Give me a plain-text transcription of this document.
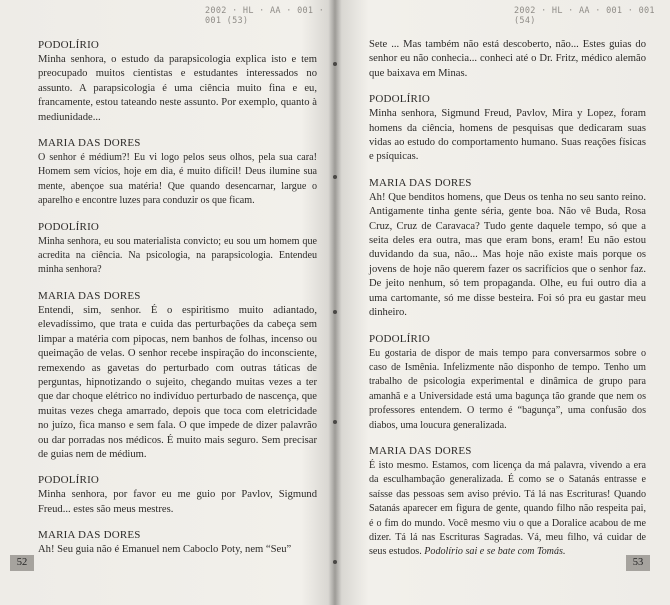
2002 · HL · AA · 001 · 001 (53)
PODOLÍRIO

Minha senhora, o estudo da parapsicologia explica isto e tem preocupado muitos cientistas e estudantes interessados no assunto. A parapsicologia é uma ciência muito fina e eu, francamente, estou tateando neste assunto. Por exemplo, quanto à mediunidade...

MARIA DAS DORES

O senhor é médium?! Eu vi logo pelos seus olhos, pela sua cara! Homem sem vícios, hoje em dia, é muito difícil! Deus ilumine sua mente, abençoe sua matéria! Que quando desencarnar, largue o aparelho e encontre luzes para conduzir os que ficam.

PODOLÍRIO

Minha senhora, eu sou materialista convicto; eu sou um homem que acredita na ciência. Na psicologia, na parapsicologia. Entendeu minha senhora?

MARIA DAS DORES

Entendi, sim, senhor. É o espiritismo muito adiantado, elevadíssimo, que trata e cuida das perturbações da cabeça sem limpar a matéria com pipocas, nem banhos de folhas, incenso ou queimação de velas. O senhor recebe inspiração do inconsciente, remexendo as gavetas do perturbado com outras táticas de perguntas, hipnotizando o sujeito, chegando muitas vezes a ter que dar choque elétrico no indivíduo perturbado de nascença, que muitas vezes chega amarrado, depois que toca com eletricidade no juízo, fica manso e sem fala. O que impede de dizer palavrão ou dar porradas nos médicos. É muito mais seguro. Sem precisar de guias nem de médium.

PODOLÍRIO

Minha senhora, por favor eu me guio por Pavlov, Sigmund Freud... estes são meus mestres.

MARIA DAS DORES

Ah! Seu guia não é Emanuel nem Caboclo Poty, nem “Seu”

52
2002 · HL · AA · 001 · 001 (54)

Sete ... Mas também não está descoberto, não... Estes guias do senhor eu não conhecia... conheci até o Dr. Fritz, médico alemão que baixava em Minas.

PODOLÍRIO

Minha senhora, Sigmund Freud, Pavlov, Mira y Lopez, foram homens da ciência, homens de pesquisas que dedicaram suas vidas ao estudo do comportamento humano. Suas reações físicas e psíquicas.

MARIA DAS DORES

Ah! Que benditos homens, que Deus os tenha no seu santo reino. Antigamente tinha gente séria, gente boa. Não vê Buda, Rosa Cruz, Cruz de Caravaca? Tudo gente daquele tempo, só que a seita deles era outra, mas que eram bons, eram! Eu não estou duvidando da sua, não... Mas hoje não existe mais porque os jovens de hoje não querem fazer os sacrifícios que o senhor faz. De jeito nenhum, só tem propaganda. Olhe, eu fui outro dia a uma cartomante, só me disse besteira. Foi só pra eu gastar meu dinheiro.

PODOLÍRIO

Eu gostaria de dispor de mais tempo para conversarmos sobre o caso de Ismênia. Infelizmente não disponho de tempo. Tenho um trabalho de psicologia experimental e dinâmica de grupo para amanhã e a Universidade está uma bagunça tão grande que nem os professores entendem. O termo é “bagunça”, uma confusão dos diabos, uma loucura generalizada.

MARIA DAS DORES

É isto mesmo. Estamos, com licença da má palavra, vivendo a era da esculhambação generalizada. É como se o Satanás entrasse e saísse das pessoas sem aviso prévio. Tá lá nas Escrituras! Quando Satanás aparecer em figura de gente, quando filho não respeita pai, é o fim do mundo. Você mesmo viu o que a Doralice acabou de me dizer. Tá lá nas Escrituras Sagradas. Vá, meu filho, vá cuidar de seus estudos. Podolírio sai e se bate com Tomás.

53
